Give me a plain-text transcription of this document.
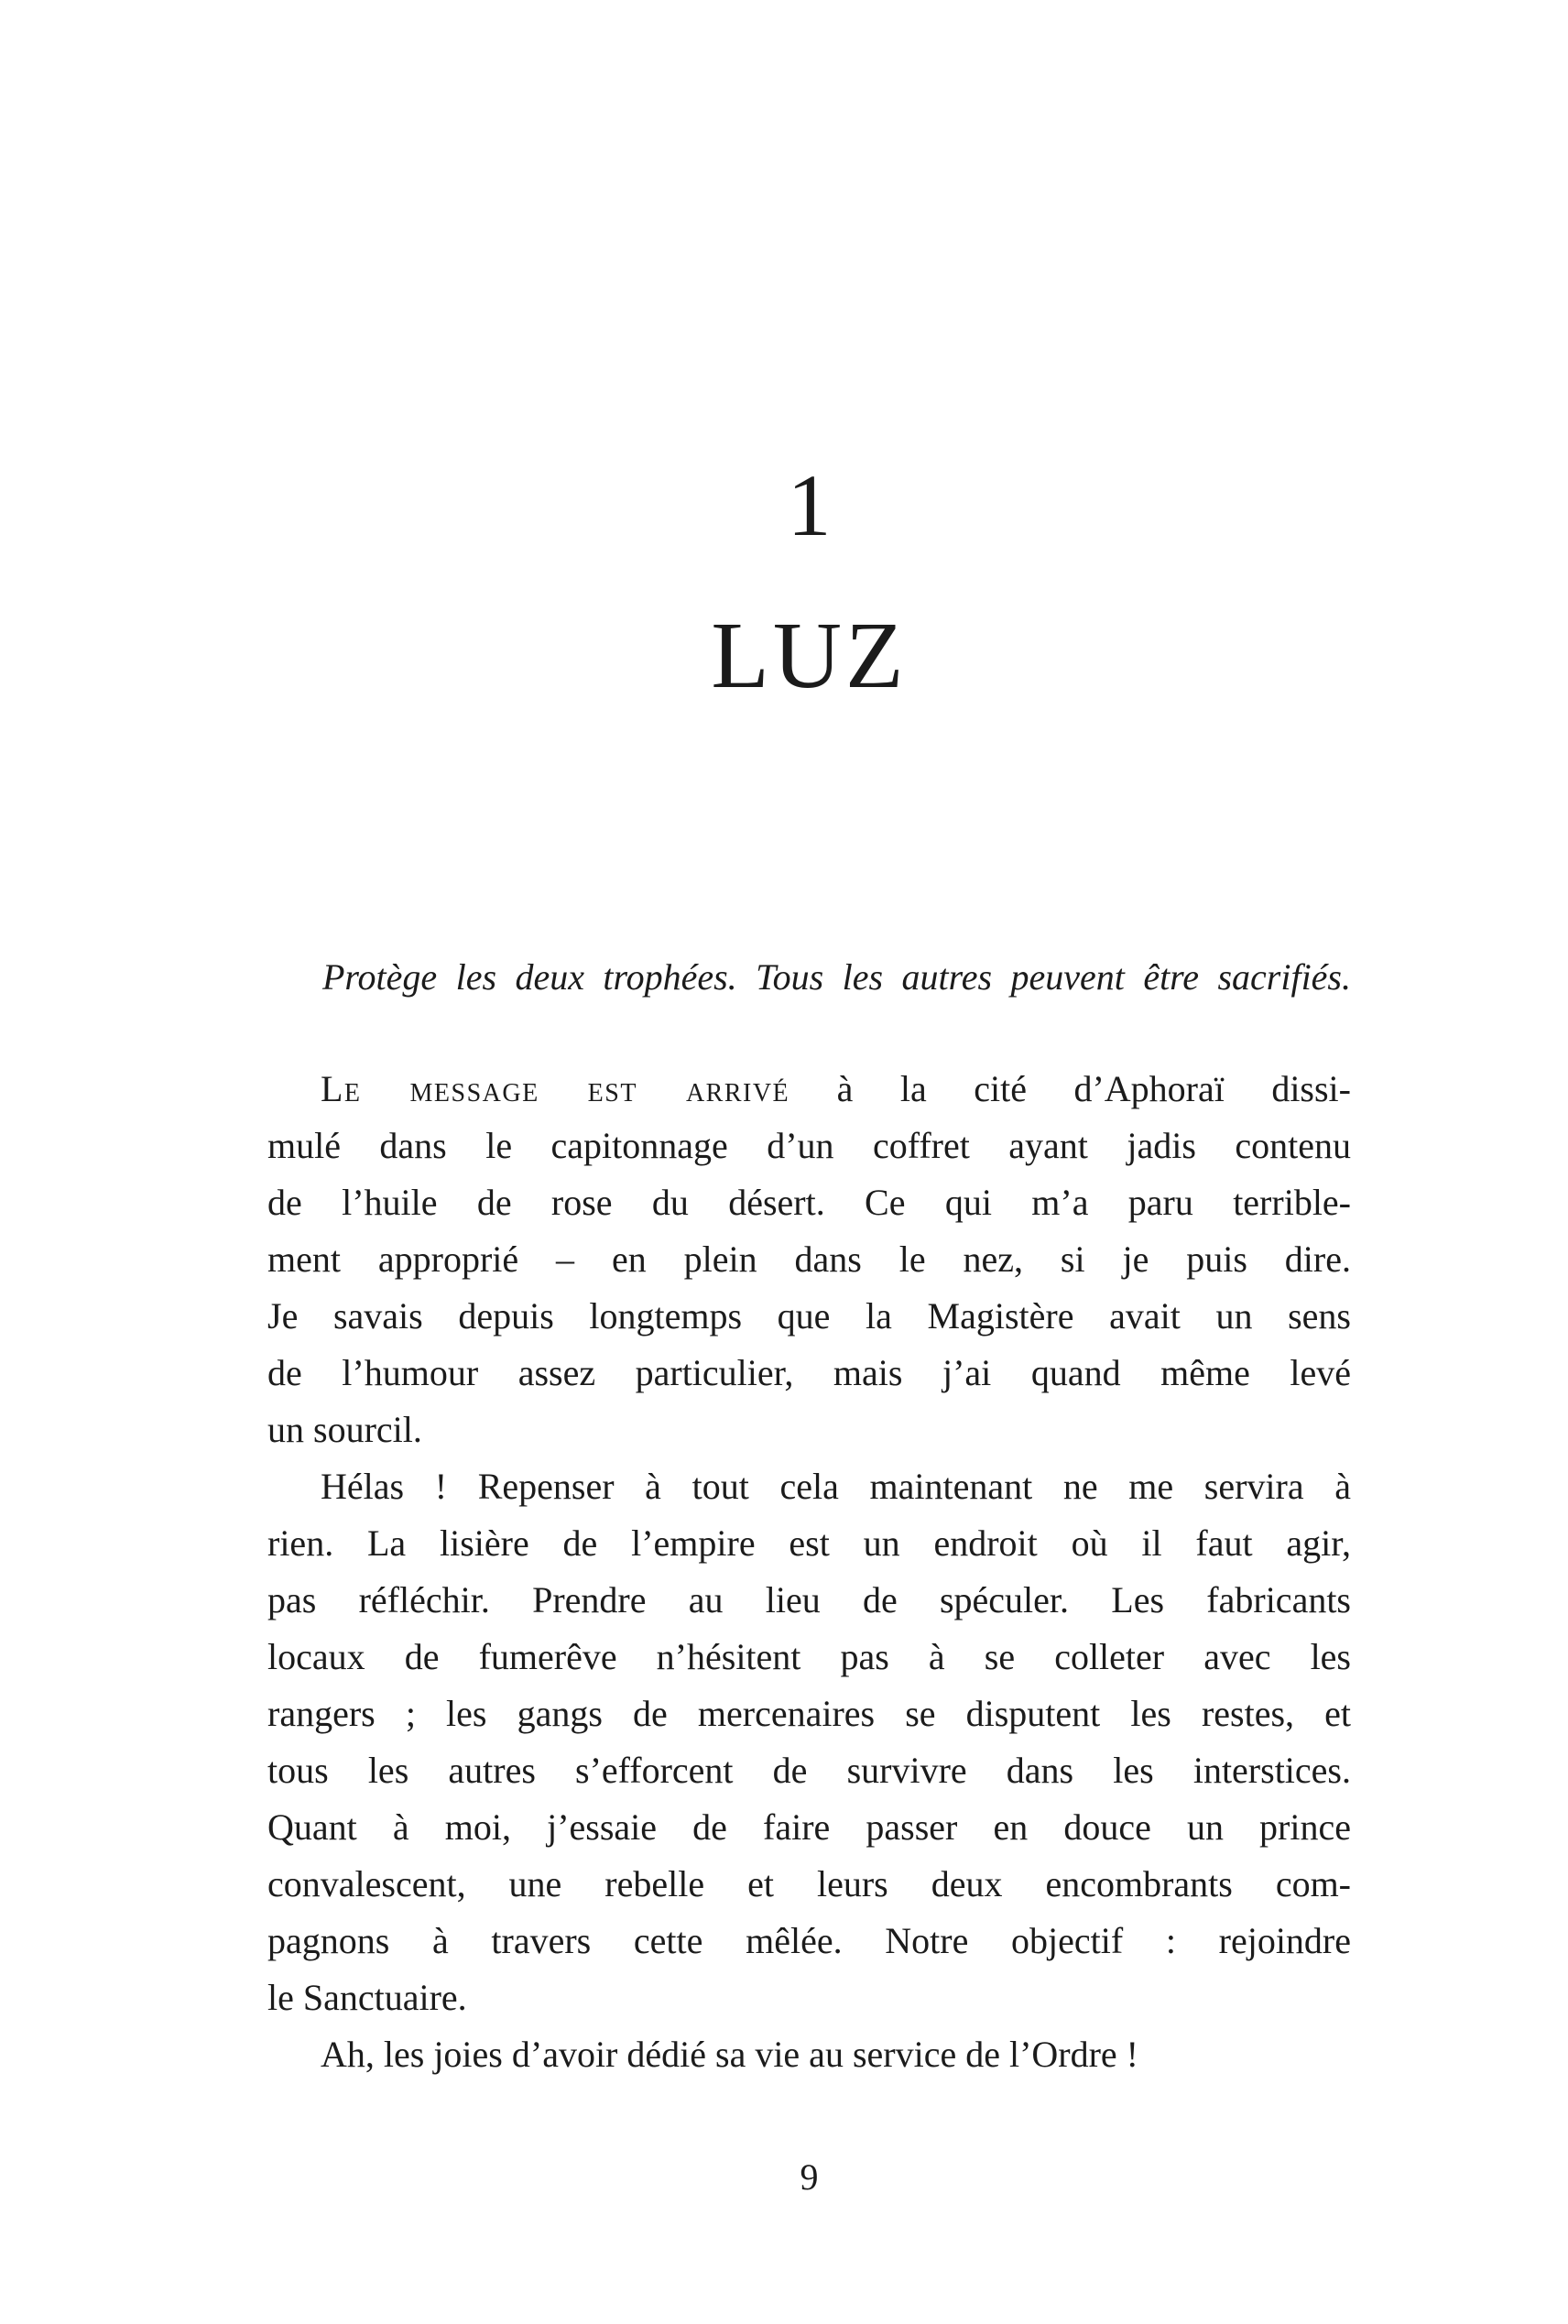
1
LUZ
Protège les deux trophées. Tous les autres peuvent être sacrifiés.
Le message est arrivé à la cité d’Aphoraï dissi-
mulé dans le capitonnage d’un coffret ayant jadis contenu
de l’huile de rose du désert. Ce qui m’a paru terrible-
ment approprié – en plein dans le nez, si je puis dire.
Je savais depuis longtemps que la Magistère avait un sens
de l’humour assez particulier, mais j’ai quand même levé
un sourcil.
Hélas ! Repenser à tout cela maintenant ne me servira à
rien. La lisière de l’empire est un endroit où il faut agir,
pas réfléchir. Prendre au lieu de spéculer. Les fabricants
locaux de fumerêve n’hésitent pas à se colleter avec les
rangers ; les gangs de mercenaires se disputent les restes, et
tous les autres s’efforcent de survivre dans les interstices.
Quant à moi, j’essaie de faire passer en douce un prince
convalescent, une rebelle et leurs deux encombrants com-
pagnons à travers cette mêlée. Notre objectif : rejoindre
le Sanctuaire.
Ah, les joies d’avoir dédié sa vie au service de l’Ordre !
9
